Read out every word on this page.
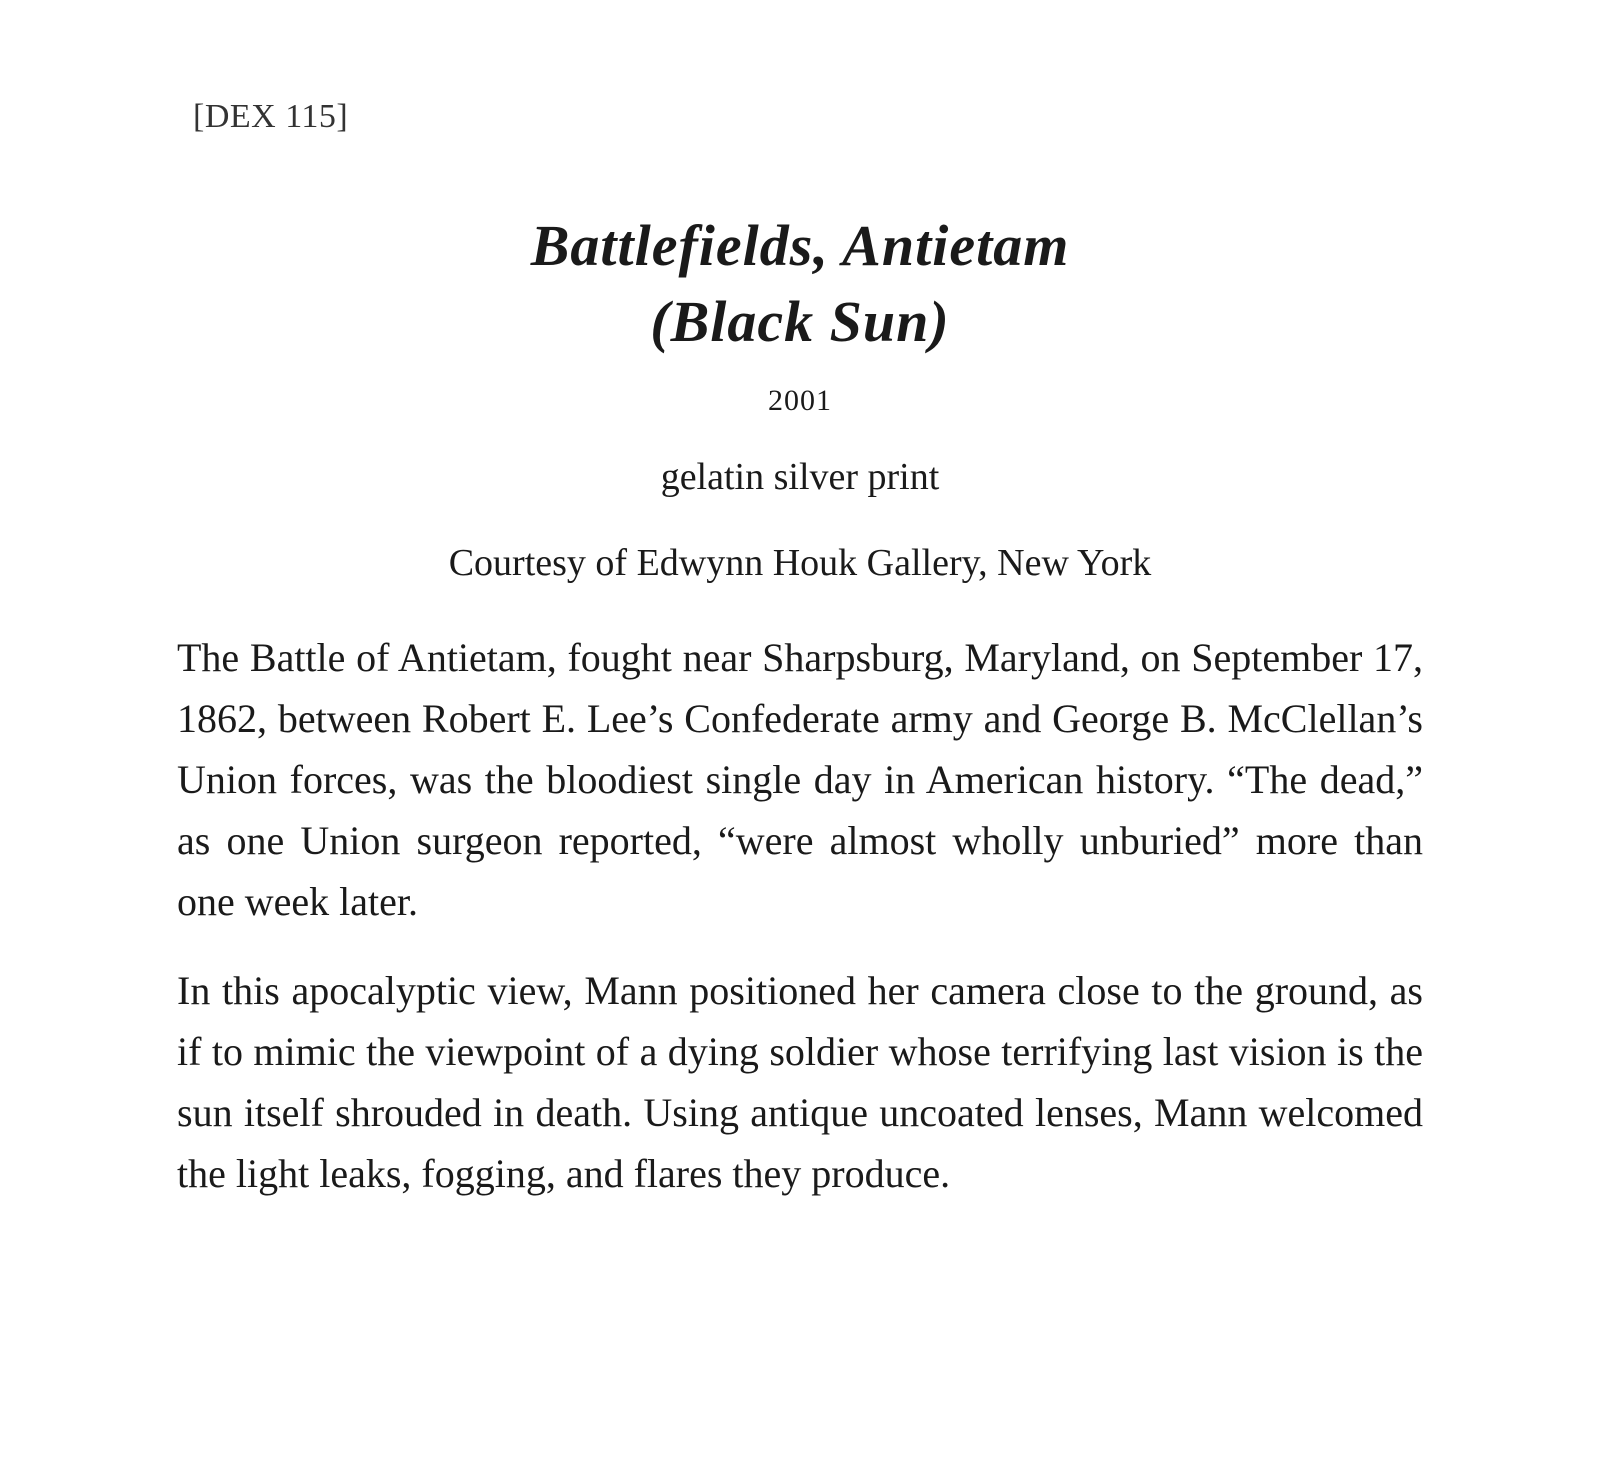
[DEX 115]
Battlefields, Antietam
(Black Sun)
2001
gelatin silver print
Courtesy of Edwynn Houk Gallery, New York

The Battle of Antietam, fought near Sharpsburg, Maryland, on September 17, 1862, between Robert E. Lee’s Confederate army and George B. McClellan’s Union forces, was the bloodiest single day in American history. “The dead,” as one Union surgeon reported, “were almost wholly unburied” more than one week later.

In this apocalyptic view, Mann positioned her camera close to the ground, as if to mimic the viewpoint of a dying soldier whose terrifying last vision is the sun itself shrouded in death. Using antique uncoated lenses, Mann welcomed the light leaks, fogging, and flares they produce.
